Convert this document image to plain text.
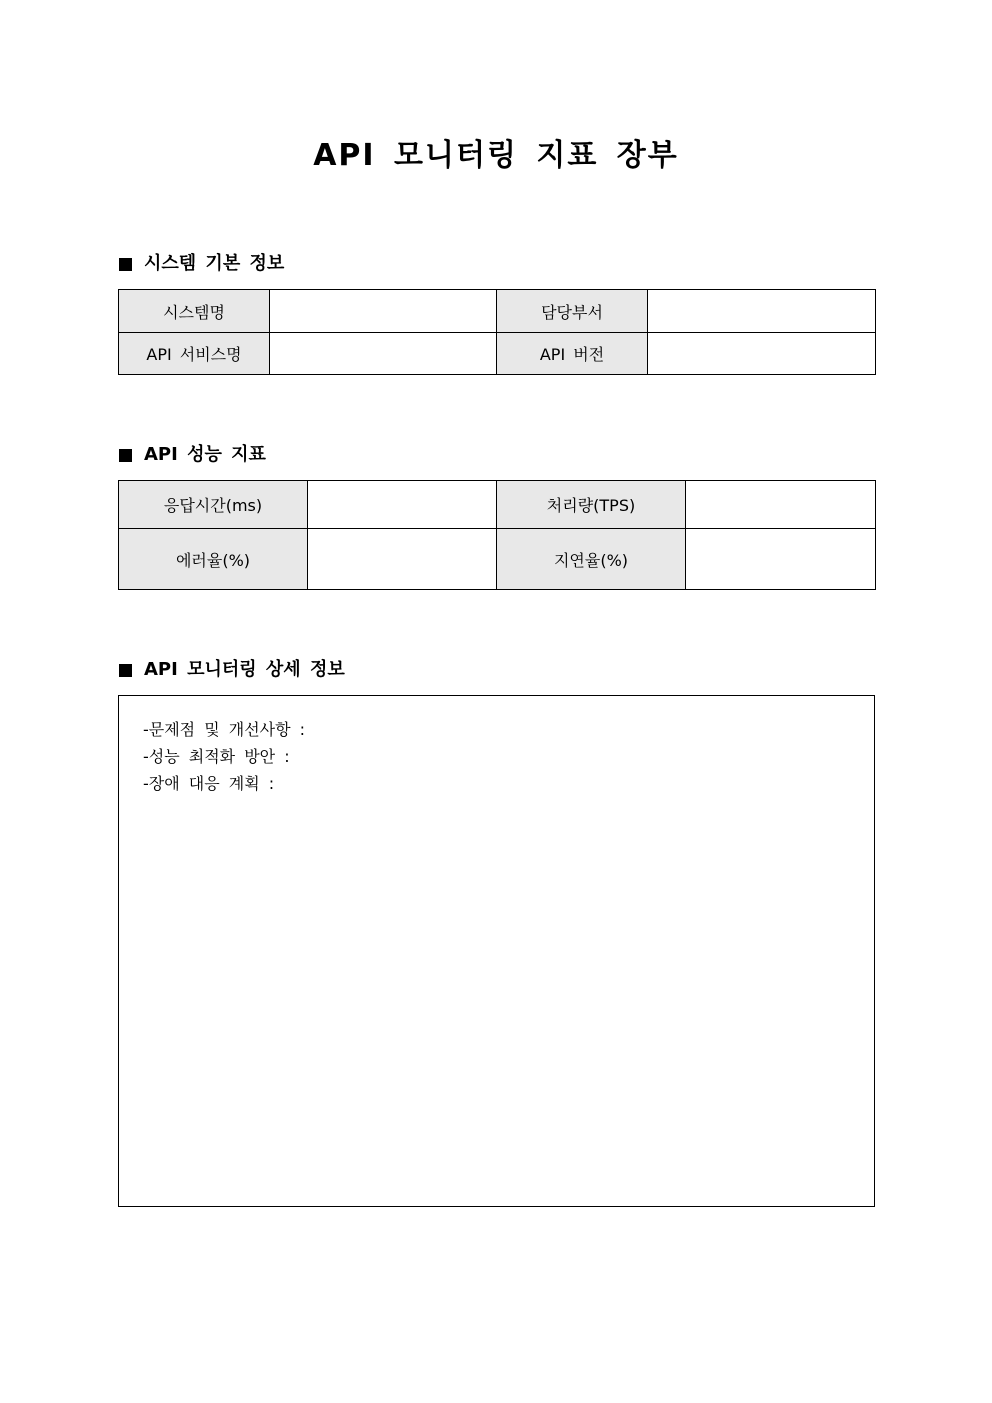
API 모니터링 지표 장부
시스템 기본 정보
시스템명		담당부서	
API 서비스명		API 버전	
API 성능 지표
응답시간(ms)		처리량(TPS)	
에러율(%)		지연율(%)	
API 모니터링 상세 정보
-문제점 및 개선사항 :
-성능 최적화 방안 :
-장애 대응 계획 :
